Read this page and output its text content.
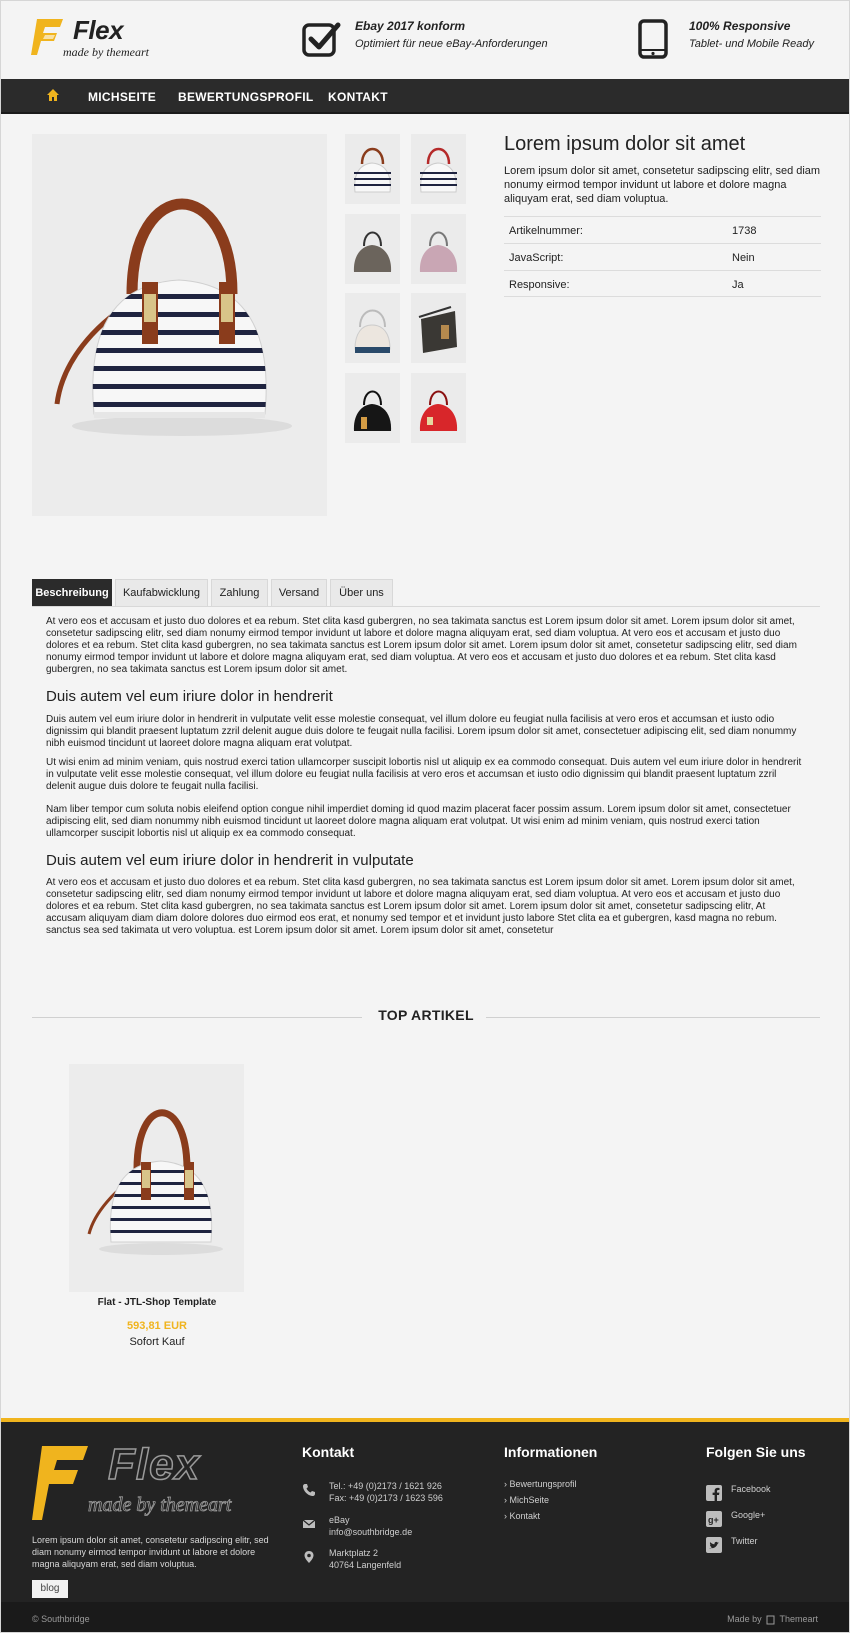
Flex
made by themeart
Ebay 2017 konform
Optimiert für neue eBay-Anforderungen
100% Responsive
Tablet- und Mobile Ready
MICHSEITE BEWERTUNGSPROFIL KONTAKT
Lorem ipsum dolor sit amet
Lorem ipsum dolor sit amet, consetetur sadipscing elitr, sed diam nonumy eirmod tempor invidunt ut labore et dolore magna aliquyam erat, sed diam voluptua.
Artikelnummer:	1738
JavaScript:	Nein
Responsive:	Ja
Beschreibung	Kaufabwicklung	Zahlung	Versand	Über uns
At vero eos et accusam et justo duo dolores et ea rebum. Stet clita kasd gubergren, no sea takimata sanctus est Lorem ipsum dolor sit amet. Lorem ipsum dolor sit amet, consetetur sadipscing elitr, sed diam nonumy eirmod tempor invidunt ut labore et dolore magna aliquyam erat, sed diam voluptua. At vero eos et accusam et justo duo dolores et ea rebum. Stet clita kasd gubergren, no sea takimata sanctus est Lorem ipsum dolor sit amet. Lorem ipsum dolor sit amet, consetetur sadipscing elitr, sed diam nonumy eirmod tempor invidunt ut labore et dolore magna aliquyam erat, sed diam voluptua. At vero eos et accusam et justo duo dolores et ea rebum. Stet clita kasd gubergren, no sea takimata sanctus est Lorem ipsum dolor sit amet.
Duis autem vel eum iriure dolor in hendrerit
Duis autem vel eum iriure dolor in hendrerit in vulputate velit esse molestie consequat, vel illum dolore eu feugiat nulla facilisis at vero eros et accumsan et iusto odio dignissim qui blandit praesent luptatum zzril delenit augue duis dolore te feugait nulla facilisi. Lorem ipsum dolor sit amet, consectetuer adipiscing elit, sed diam nonummy nibh euismod tincidunt ut laoreet dolore magna aliquam erat volutpat.
Ut wisi enim ad minim veniam, quis nostrud exerci tation ullamcorper suscipit lobortis nisl ut aliquip ex ea commodo consequat. Duis autem vel eum iriure dolor in hendrerit in vulputate velit esse molestie consequat, vel illum dolore eu feugiat nulla facilisis at vero eros et accumsan et iusto odio dignissim qui blandit praesent luptatum zzril delenit augue duis dolore te feugait nulla facilisi.
Nam liber tempor cum soluta nobis eleifend option congue nihil imperdiet doming id quod mazim placerat facer possim assum. Lorem ipsum dolor sit amet, consectetuer adipiscing elit, sed diam nonummy nibh euismod tincidunt ut laoreet dolore magna aliquam erat volutpat. Ut wisi enim ad minim veniam, quis nostrud exerci tation ullamcorper suscipit lobortis nisl ut aliquip ex ea commodo consequat.
Duis autem vel eum iriure dolor in hendrerit in vulputate
At vero eos et accusam et justo duo dolores et ea rebum. Stet clita kasd gubergren, no sea takimata sanctus est Lorem ipsum dolor sit amet. Lorem ipsum dolor sit amet, consetetur sadipscing elitr, sed diam nonumy eirmod tempor invidunt ut labore et dolore magna aliquyam erat, sed diam voluptua. At vero eos et accusam et justo duo dolores et ea rebum. Stet clita kasd gubergren, no sea takimata sanctus est Lorem ipsum dolor sit amet. Lorem ipsum dolor sit amet, consetetur sadipscing elitr, At accusam aliquyam diam diam dolore dolores duo eirmod eos erat, et nonumy sed tempor et et invidunt justo labore Stet clita ea et gubergren, kasd magna no rebum. sanctus sea sed takimata ut vero voluptua. est Lorem ipsum dolor sit amet. Lorem ipsum dolor sit amet, consetetur
TOP ARTIKEL
Flat - JTL-Shop Template
593,81 EUR
Sofort Kauf
Flex
made by themeart
Lorem ipsum dolor sit amet, consetetur sadipscing elitr, sed diam nonumy eirmod tempor invidunt ut labore et dolore magna aliquyam erat, sed diam voluptua.
Kontakt
Tel.: +49 (0)2173 / 1621 926
Fax: +49 (0)2173 / 1623 596
eBay
info@southbridge.de
Marktplatz 2
40764 Langenfeld
Informationen
› Bewertungsprofil
› MichSeite
› Kontakt
Folgen Sie uns
Facebook
g+ Google+
Twitter
blog
© Southbridge	Made by Themeart
